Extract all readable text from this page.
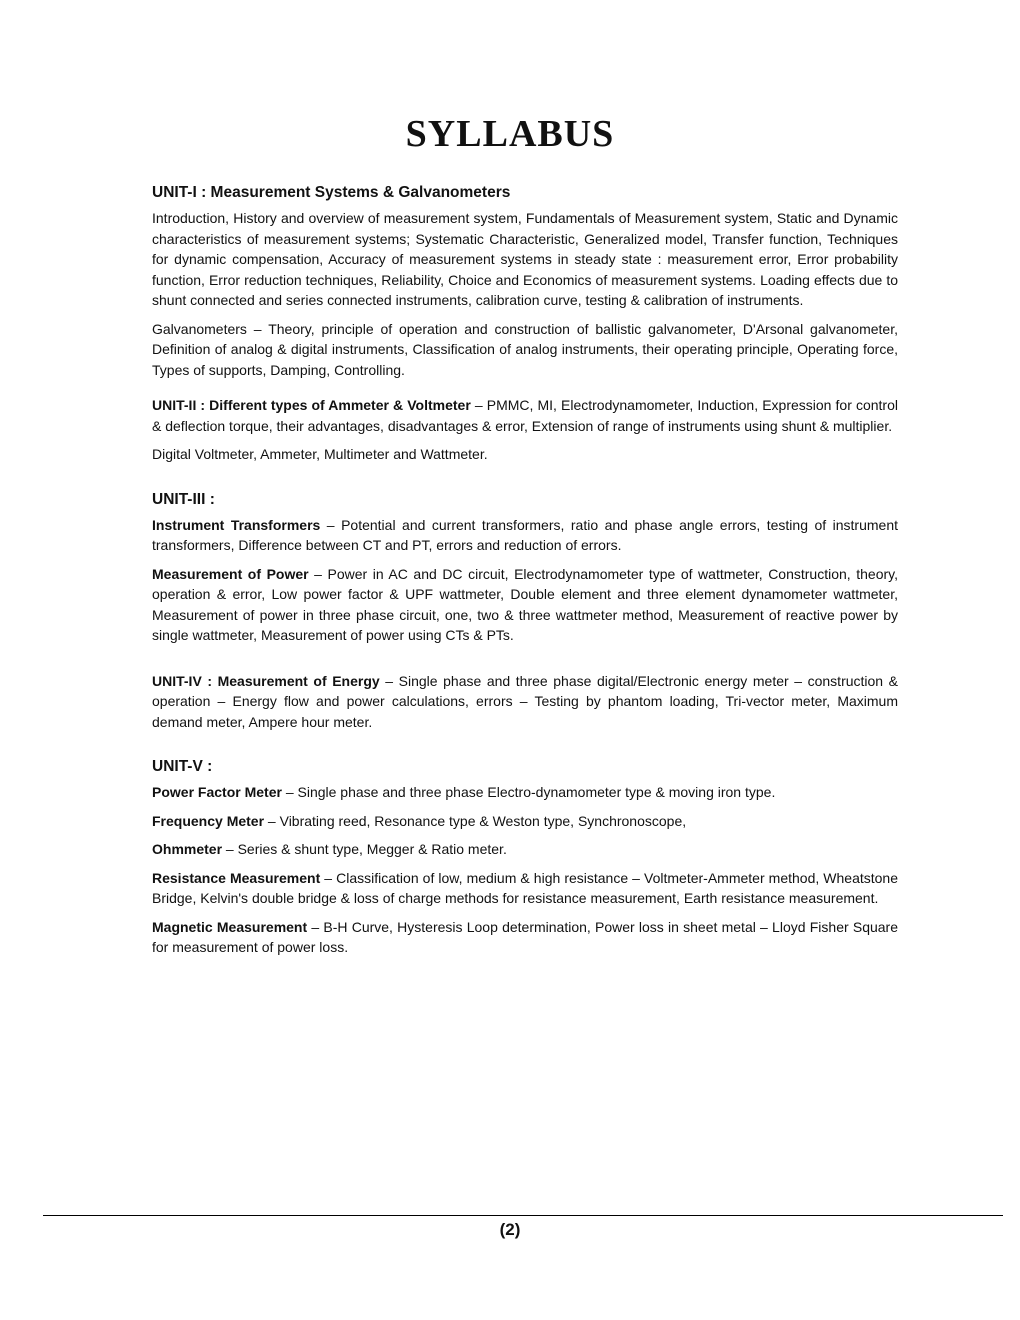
SYLLABUS
UNIT-I : Measurement Systems & Galvanometers

Introduction, History and overview of measurement system, Fundamentals of Measurement system, Static and Dynamic characteristics of measurement systems; Systematic Characteristic, Generalized model, Transfer function, Techniques for dynamic compensation, Accuracy of measurement systems in steady state : measurement error, Error probability function, Error reduction techniques, Reliability, Choice and Economics of measurement systems. Loading effects due to shunt connected and series connected instruments, calibration curve, testing & calibration of instruments.

Galvanometers – Theory, principle of operation and construction of ballistic galvanometer, D'Arsonal galvanometer, Definition of analog & digital instruments, Classification of analog instruments, their operating principle, Operating force, Types of supports, Damping, Controlling.

UNIT-II : Different types of Ammeter & Voltmeter – PMMC, MI, Electrodynamometer, Induction, Expression for control & deflection torque, their advantages, disadvantages & error, Extension of range of instruments using shunt & multiplier.

Digital Voltmeter, Ammeter, Multimeter and Wattmeter.

UNIT-III :

Instrument Transformers – Potential and current transformers, ratio and phase angle errors, testing of instrument transformers, Difference between CT and PT, errors and reduction of errors.

Measurement of Power – Power in AC and DC circuit, Electrodynamometer type of wattmeter, Construction, theory, operation & error, Low power factor & UPF wattmeter, Double element and three element dynamometer wattmeter, Measurement of power in three phase circuit, one, two & three wattmeter method, Measurement of reactive power by single wattmeter, Measurement of power using CTs & PTs.

UNIT-IV : Measurement of Energy – Single phase and three phase digital/Electronic energy meter – construction & operation – Energy flow and power calculations, errors – Testing by phantom loading, Tri-vector meter, Maximum demand meter, Ampere hour meter.

UNIT-V :

Power Factor Meter – Single phase and three phase Electro-dynamometer type & moving iron type.

Frequency Meter – Vibrating reed, Resonance type & Weston type, Synchronoscope,

Ohmmeter – Series & shunt type, Megger & Ratio meter.

Resistance Measurement – Classification of low, medium & high resistance – Voltmeter-Ammeter method, Wheatstone Bridge, Kelvin's double bridge & loss of charge methods for resistance measurement, Earth resistance measurement.

Magnetic Measurement – B-H Curve, Hysteresis Loop determination, Power loss in sheet metal – Lloyd Fisher Square for measurement of power loss.

(2)
